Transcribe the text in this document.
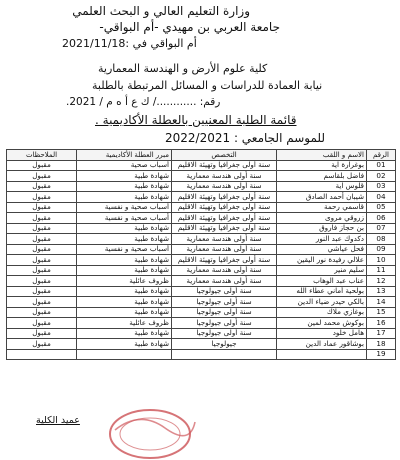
وزارة التعليم العالي و البحث العلمي
جامعة العربي بن مهيدي -أم البواقي-
أم البواقي في :2021/11/18
كلية علوم الأرض و الهندسة المعمارية
نيابة العمادة للدراسات و المسائل المرتبطة بالطلبة
رقم: ............/ ك ع أ ه م / 2021.
قائمة الطلبة المعنيين بالعطلة الأكاديمية .
للموسم الجامعي : 2022/2021
الرقم	الاسم و اللقب	التخصص	مبرر العطلة الأكاديمية	الملاحظات
01	بوغرارة آية	سنة أولى جغرافيا وتهيئة الاقليم	أسباب صحية	مقبول
02	فاضل بلقاسم	سنة أولى هندسة معمارية	شهادة طبية	مقبول
03	قلوس آية	سنة أولى هندسة معمارية	شهادة طبية	مقبول
04	شيبان أحمد الصادق	سنة أولى جغرافيا وتهيئة الاقليم	شهادة طبية	مقبول
05	قاسمي رحمة	سنة أولى جغرافيا وتهيئة الاقليم	أسباب صحية و نفسية	مقبول
06	زروقي مروى	سنة أولى جغرافيا وتهيئة الاقليم	أسباب صحية و نفسية	مقبول
07	بن حجاز فاروق	سنة أولى جغرافيا وتهيئة الاقليم	شهادة طبية	مقبول
08	دكدوك عبد النور	سنة أولى هندسة معمارية	شهادة طبية	مقبول
09	فحل عياشي	سنة أولى هندسة معمارية	أسباب صحية و نفسية	مقبول
10	علالي رفيدة نور اليقين	سنة أولى جغرافيا وتهيئة الاقليم	شهادة طبية	مقبول
11	سليم منير	سنة أولى هندسة معمارية	شهادة طبية	مقبول
12	عناب عبد الوهاب	سنة أولى هندسة معمارية	ظروف عائلية	مقبول
13	بولحية أماني عطاء الله	سنة أولى جيولوجيا	شهادة طبية	مقبول
14	بالكي حيدر ضياء الدين	سنة أولى جيولوجيا	شهادة طبية	مقبول
15	بوغازي ملاك	سنة أولى جيولوجيا	شهادة طبية	مقبول
16	بوكوش محمد لمين	سنة أولى جيولوجيا	ظروف عائلية	مقبول
17	هامل خلود	سنة أولى جيولوجيا	شهادة طبية	مقبول
18	بوشاقور عماد الدين	جيولوجيا	شهادة طبية	مقبول
19				
عميد الكلية
